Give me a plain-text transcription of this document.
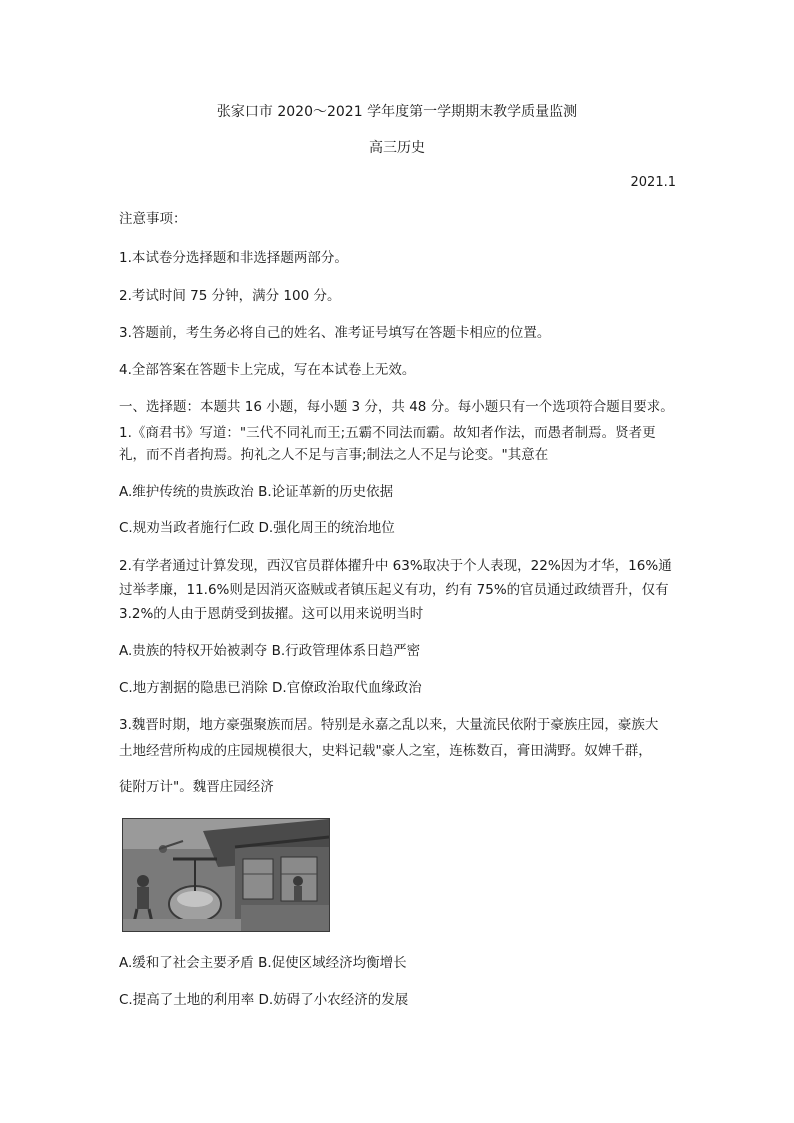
张家口市 2020～2021 学年度第一学期期末教学质量监测
高三历史
2021.1
注意事项：
1.本试卷分选择题和非选择题两部分。
2.考试时间 75 分钟，满分 100 分。
3.答题前，考生务必将自己的姓名、准考证号填写在答题卡相应的位置。
4.全部答案在答题卡上完成，写在本试卷上无效。
一、选择题：本题共 16 小题，每小题 3 分，共 48 分。每小题只有一个选项符合题目要求。
1.《商君书》写道："三代不同礼而王;五霸不同法而霸。故知者作法，而愚者制焉。贤者更
礼，而不肖者拘焉。拘礼之人不足与言事;制法之人不足与论变。"其意在
A.维护传统的贵族政治 B.论证革新的历史依据
C.规劝当政者施行仁政 D.强化周王的统治地位
2.有学者通过计算发现，西汉官员群体擢升中 63%取决于个人表现，22%因为才华，16%通
过举孝廉，11.6%则是因消灭盗贼或者镇压起义有功，约有 75%的官员通过政绩晋升，仅有
3.2%的人由于恩荫受到拔擢。这可以用来说明当时
A.贵族的特权开始被剥夺 B.行政管理体系日趋严密
C.地方割据的隐患已消除 D.官僚政治取代血缘政治
3.魏晋时期，地方豪强聚族而居。特别是永嘉之乱以来，大量流民依附于豪族庄园，豪族大
土地经营所构成的庄园规模很大，史料记载"豪人之室，连栋数百，膏田满野。奴婢千群，
徒附万计"。魏晋庄园经济
A.缓和了社会主要矛盾 B.促使区域经济均衡增长
C.提高了土地的利用率 D.妨碍了小农经济的发展
